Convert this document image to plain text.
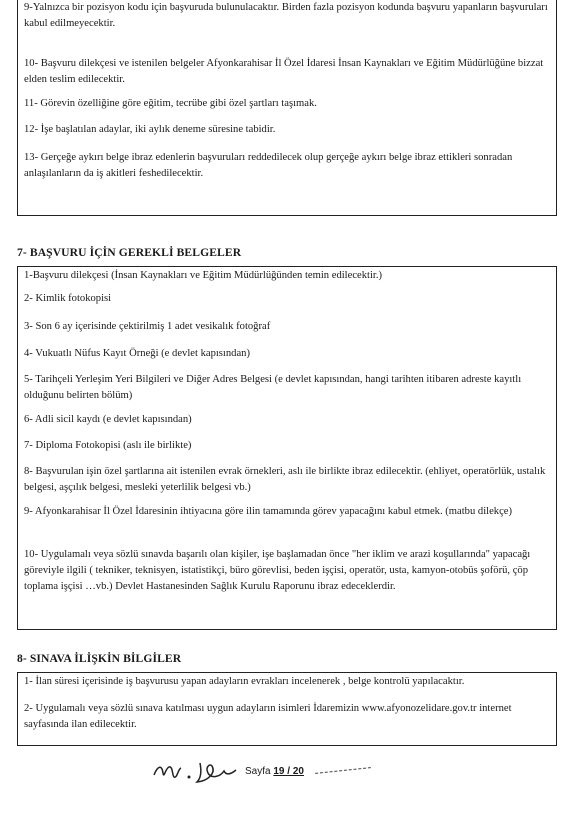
9-Yalnızca bir pozisyon kodu için başvuruda bulunulacaktır. Birden fazla pozisyon kodunda başvuru yapanların başvuruları kabul edilmeyecektir.
10- Başvuru dilekçesi ve istenilen belgeler Afyonkarahisar İl Özel İdaresi İnsan Kaynakları ve Eğitim Müdürlüğüne bizzat elden teslim edilecektir.
11- Görevin özelliğine göre eğitim, tecrübe gibi özel şartları taşımak.
12- İşe başlatılan adaylar, iki aylık deneme süresine tabidir.
13- Gerçeğe aykırı belge ibraz edenlerin başvuruları reddedilecek olup gerçeğe aykırı belge ibraz ettikleri sonradan anlaşılanların da iş akitleri feshedilecektir.
7- BAŞVURU İÇİN GEREKLİ BELGELER
1-Başvuru dilekçesi (İnsan Kaynakları ve Eğitim Müdürlüğünden temin edilecektir.)
2- Kimlik fotokopisi
3- Son 6 ay içerisinde çektirilmiş 1 adet vesikalık fotoğraf
4- Vukuatlı Nüfus Kayıt Örneği (e devlet kapısından)
5- Tarihçeli Yerleşim Yeri Bilgileri ve Diğer Adres Belgesi (e devlet kapısından, hangi tarihten itibaren adreste kayıtlı olduğunu belirten bölüm)
6- Adli sicil kaydı (e devlet kapısından)
7- Diploma Fotokopisi (aslı ile birlikte)
8- Başvurulan işin özel şartlarına ait istenilen evrak örnekleri, aslı ile birlikte ibraz edilecektir. (ehliyet, operatörlük, ustalık belgesi, aşçılık belgesi, mesleki yeterlilik belgesi vb.)
9- Afyonkarahisar İl Özel İdaresinin ihtiyacına göre ilin tamamında görev yapacağını kabul etmek. (matbu dilekçe)
10- Uygulamalı veya sözlü sınavda başarılı olan kişiler, işe başlamadan önce "her iklim ve arazi koşullarında" yapacağı göreviyle ilgili ( tekniker, teknisyen, istatistikçi, büro görevlisi, beden işçisi, operatör, usta, kamyon-otobüs şoförü, çöp toplama işçisi …vb.) Devlet Hastanesinden Sağlık Kurulu Raporunu ibraz edeceklerdir.
8- SINAVA İLİŞKİN BİLGİLER
1- İlan süresi içerisinde iş başvurusu yapan adayların evrakları incelenerek , belge kontrolü yapılacaktır.
2- Uygulamalı veya sözlü sınava katılması uygun adayların isimleri İdaremizin www.afyonozelidare.gov.tr internet sayfasında ilan edilecektir.
Sayfa 19 / 20
